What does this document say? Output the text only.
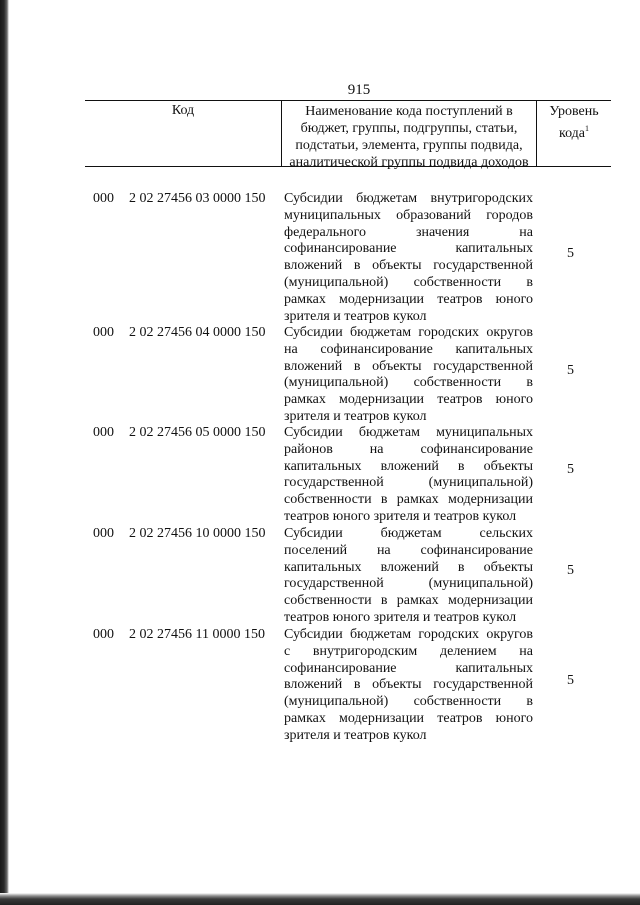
915
Код	Наименование кода поступлений в
бюджет, группы, подгруппы, статьи,
подстатьи, элемента, группы подвида,
аналитической группы подвида доходов
Уровень
кода$^1$
000 2 02 27456 03 0000 150 Субсидии бюджетам внутригородских
муниципальных образований городов
федерального значения на
софинансирование капитальных
вложений в объекты государственной
(муниципальной) собственности в
рамках модернизации театров юного
зрителя и театров кукол
5
000 2 02 27456 04 0000 150 Субсидии бюджетам городских округов
на софинансирование капитальных
вложений в объекты государственной
(муниципальной) собственности в
рамках модернизации театров юного
зрителя и театров кукол
5
000 2 02 27456 05 0000 150 Субсидии бюджетам муниципальных
районов на софинансирование
капитальных вложений в объекты
государственной (муниципальной)
собственности в рамках модернизации
театров юного зрителя и театров кукол
5
000 2 02 27456 10 0000 150 Субсидии бюджетам сельских
поселений на софинансирование
капитальных вложений в объекты
государственной (муниципальной)
собственности в рамках модернизации
театров юного зрителя и театров кукол
5
000 2 02 27456 11 0000 150 Субсидии бюджетам городских округов
с внутригородским делением на
софинансирование капитальных
вложений в объекты государственной
(муниципальной) собственности в
рамках модернизации театров юного
зрителя и театров кукол
5
